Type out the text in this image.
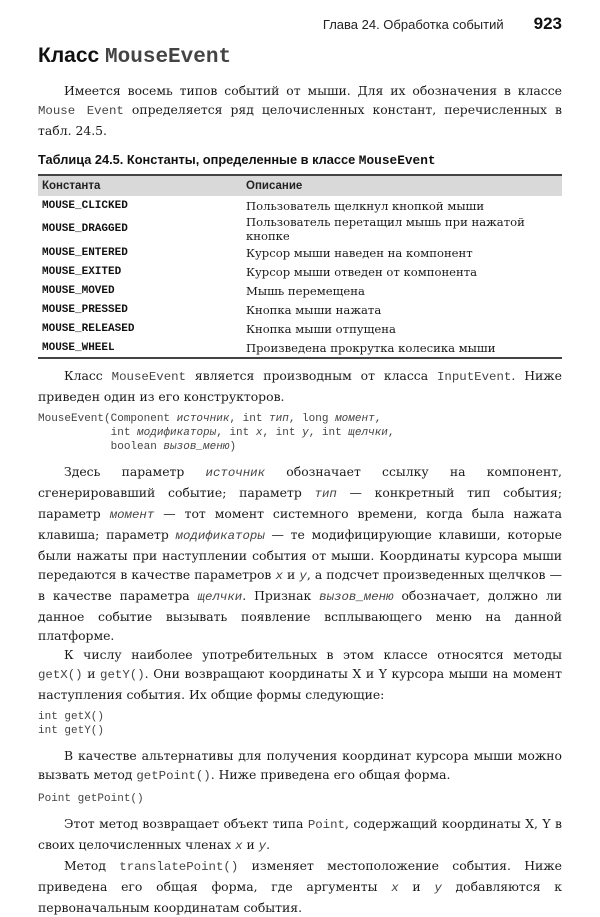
Глава 24. Обработка событий 923
Класс MouseEvent

Имеется восемь типов событий от мыши. Для их обозначения в классе Mouse Event определяется ряд целочисленных констант, перечисленных в табл. 24.5.

Таблица 24.5. Константы, определенные в классе MouseEvent
Константа	Описание
MOUSE_CLICKED	Пользователь щелкнул кнопкой мыши
MOUSE_DRAGGED	Пользователь перетащил мышь при нажатой кнопке
MOUSE_ENTERED	Курсор мыши наведен на компонент
MOUSE_EXITED	Курсор мыши отведен от компонента
MOUSE_MOVED	Мышь перемещена
MOUSE_PRESSED	Кнопка мыши нажата
MOUSE_RELEASED	Кнопка мыши отпущена
MOUSE_WHEEL	Произведена прокрутка колесика мыши

Класс MouseEvent является производным от класса InputEvent. Ниже приведен один из его конструкторов.

MouseEvent(Component источник, int тип, long момент,
int модификаторы, int x, int y, int щелчки,
boolean вызов_меню)

Здесь параметр источник обозначает ссылку на компонент, сгенерировавший событие; параметр тип — конкретный тип события; параметр момент — тот момент системного времени, когда была нажата клавиша; параметр модификаторы — те модифицирующие клавиши, которые были нажаты при наступлении события от мыши. Координаты курсора мыши передаются в качестве параметров x и y, а подсчет произведенных щелчков — в качестве параметра щелчки. Признак вызов_меню обозначает, должно ли данное событие вызывать появление всплывающего меню на данной платформе.

К числу наиболее употребительных в этом классе относятся методы getX() и getY(). Они возвращают координаты X и Y курсора мыши на момент наступления события. Их общие формы следующие:

int getX()
int getY()

В качестве альтернативы для получения координат курсора мыши можно вызвать метод getPoint(). Ниже приведена его общая форма.

Point getPoint()

Этот метод возвращает объект типа Point, содержащий координаты X, Y в своих целочисленных членах x и y.

Метод translatePoint() изменяет местоположение события. Ниже приведена его общая форма, где аргументы x и y добавляются к первоначальным координатам события.
